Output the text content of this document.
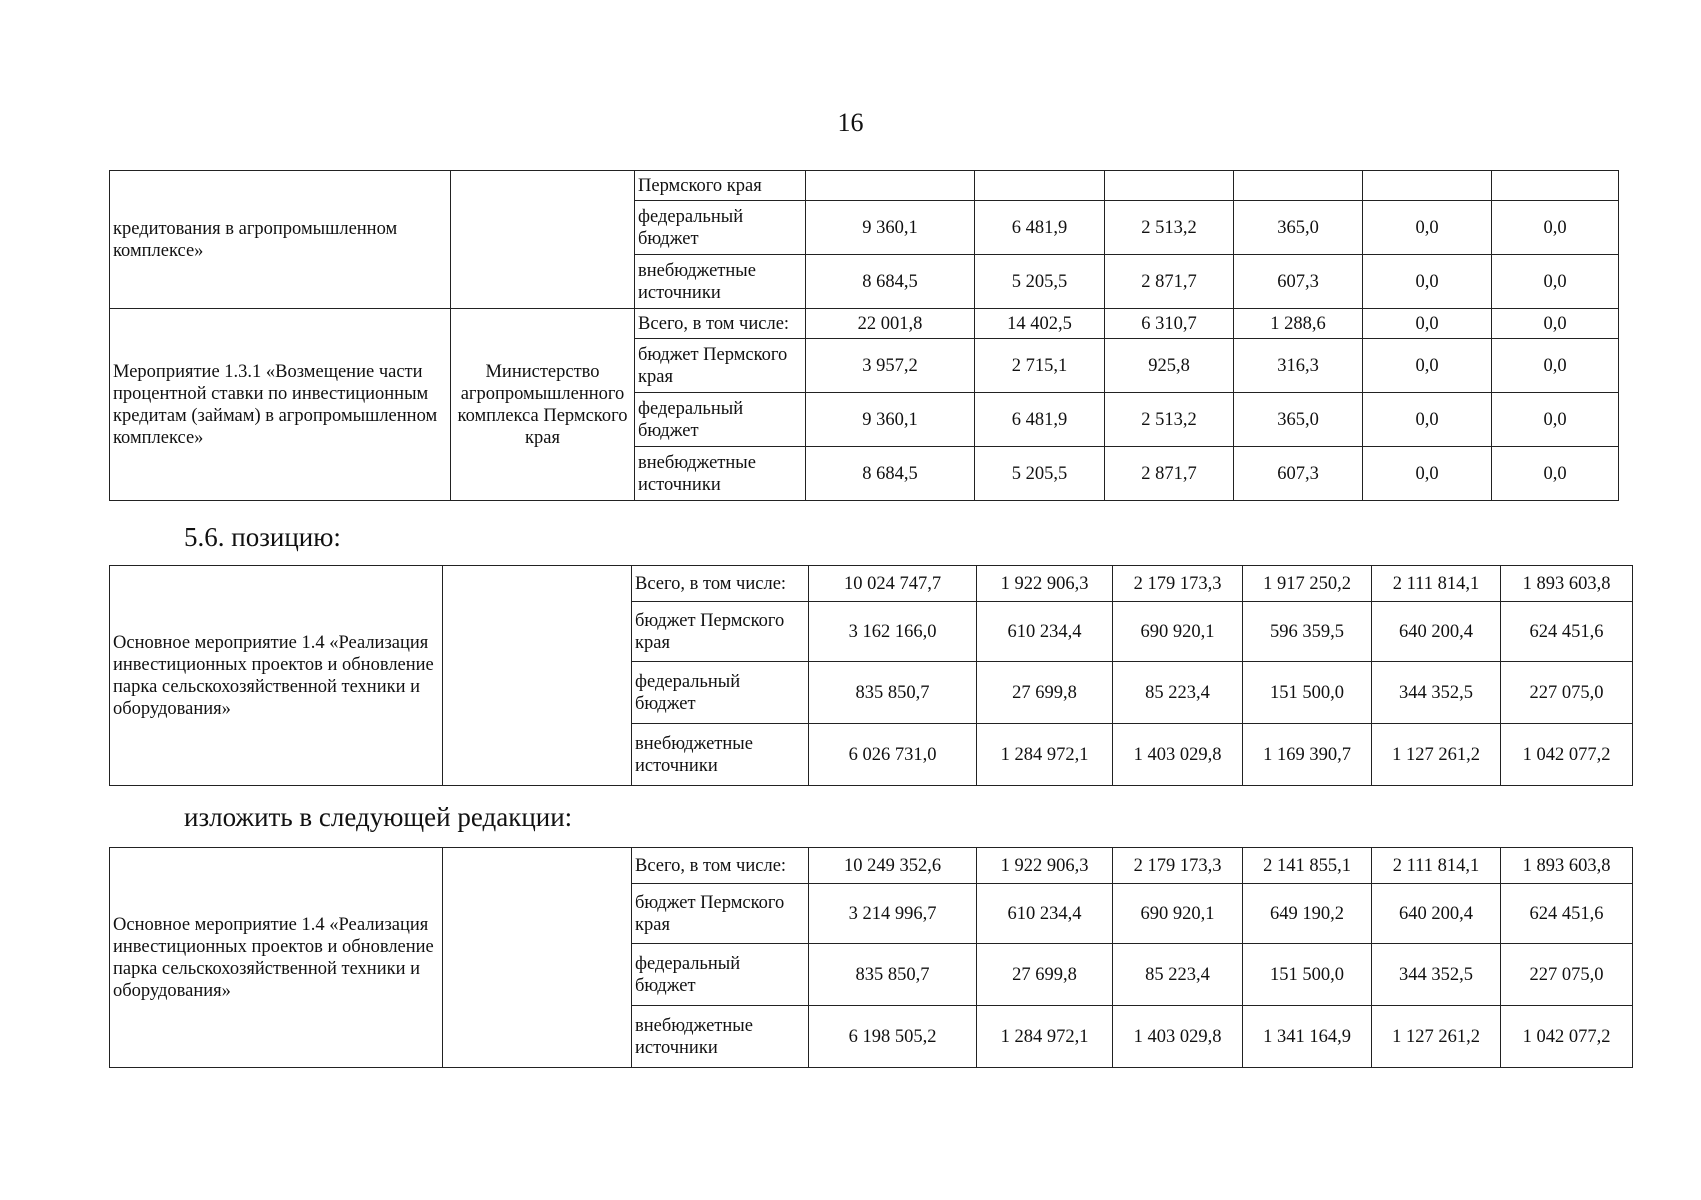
16
кредитования в агропромышленном комплексе»		Пермского края						
		федеральный бюджет	9 360,1	6 481,9	2 513,2	365,0	0,0	0,0
		внебюджетные источники	8 684,5	5 205,5	2 871,7	607,3	0,0	0,0
Мероприятие 1.3.1 «Возмещение части процентной ставки по инвестиционным кредитам (займам) в агропромышленном комплексе»	Министерство агропромышленного комплекса Пермского края	Всего, в том числе:	22 001,8	14 402,5	6 310,7	1 288,6	0,0	0,0
		бюджет Пермского края	3 957,2	2 715,1	925,8	316,3	0,0	0,0
		федеральный бюджет	9 360,1	6 481,9	2 513,2	365,0	0,0	0,0
		внебюджетные источники	8 684,5	5 205,5	2 871,7	607,3	0,0	0,0
5.6. позицию:
Основное мероприятие 1.4 «Реализация инвестиционных проектов и обновление парка сельскохозяйственной техники и оборудования»		Всего, в том числе:	10 024 747,7	1 922 906,3	2 179 173,3	1 917 250,2	2 111 814,1	1 893 603,8
		бюджет Пермского края	3 162 166,0	610 234,4	690 920,1	596 359,5	640 200,4	624 451,6
		федеральный бюджет	835 850,7	27 699,8	85 223,4	151 500,0	344 352,5	227 075,0
		внебюджетные источники	6 026 731,0	1 284 972,1	1 403 029,8	1 169 390,7	1 127 261,2	1 042 077,2
изложить в следующей редакции:
Основное мероприятие 1.4 «Реализация инвестиционных проектов и обновление парка сельскохозяйственной техники и оборудования»		Всего, в том числе:	10 249 352,6	1 922 906,3	2 179 173,3	2 141 855,1	2 111 814,1	1 893 603,8
		бюджет Пермского края	3 214 996,7	610 234,4	690 920,1	649 190,2	640 200,4	624 451,6
		федеральный бюджет	835 850,7	27 699,8	85 223,4	151 500,0	344 352,5	227 075,0
		внебюджетные источники	6 198 505,2	1 284 972,1	1 403 029,8	1 341 164,9	1 127 261,2	1 042 077,2
